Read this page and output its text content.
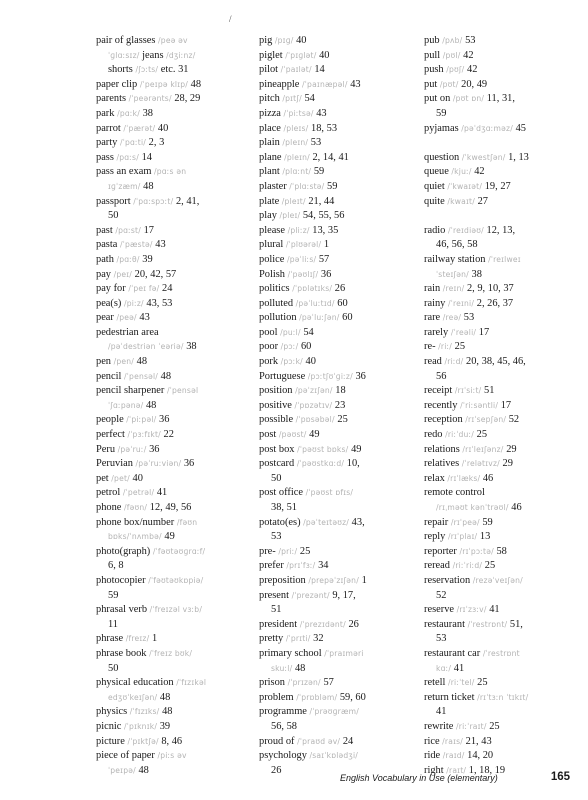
/
pair of glasses /peə əv
ˈɡlɑːsɪz/ jeans /dʒiːnz/
shorts /ʃɔːts/ etc. 31
paper clip /ˈpeɪpə klɪp/ 48
parents /ˈpeərənts/ 28, 29
park /pɑːk/ 38
parrot /ˈpærət/ 40
party /ˈpɑːti/ 2, 3
pass /pɑːs/ 14
pass an exam /pɑːs ən
ɪɡˈzæm/ 48
passport /ˈpɑːspɔːt/ 2, 41,
50
past /pɑːst/ 17
pasta /ˈpæstə/ 43
path /pɑːθ/ 39
pay /peɪ/ 20, 42, 57
pay for /ˈpeɪ fə/ 24
pea(s) /piːz/ 43, 53
pear /peə/ 43
pedestrian area
/pəˈdestriən ˈeəriə/ 38
pen /pen/ 48
pencil /ˈpensəl/ 48
pencil sharpener /ˈpensəl
ˈʃɑːpənə/ 48
people /ˈpiːpəl/ 36
perfect /ˈpɜːfɪkt/ 22
Peru /pəˈruː/ 36
Peruvian /pəˈruːviən/ 36
pet /pet/ 40
petrol /ˈpetrəl/ 41
phone /fəʊn/ 12, 49, 56
phone box/number /fəʊn
bɒks/ˈnʌmbə/ 49
photo(graph) /ˈfəʊtəʊɡrɑːf/
6, 8
photocopier /ˈfəʊtəʊkɒpiə/
59
phrasal verb /ˈfreɪzəl vɜːb/
11
phrase /freɪz/ 1
phrase book /ˈfreɪz bʊk/
50
physical education /ˈfɪzɪkəl
edʒʊˈkeɪʃən/ 48
physics /ˈfɪzɪks/ 48
picnic /ˈpɪknɪk/ 39
picture /ˈpɪktʃə/ 8, 46
piece of paper /piːs əv
ˈpeɪpə/ 48
pig /pɪɡ/ 40
piglet /ˈpɪɡlət/ 40
pilot /ˈpaɪlət/ 14
pineapple /ˈpaɪnæpəl/ 43
pitch /pɪtʃ/ 54
pizza /ˈpiːtsə/ 43
place /pleɪs/ 18, 53
plain /pleɪn/ 53
plane /pleɪn/ 2, 14, 41
plant /plɑːnt/ 59
plaster /ˈplɑːstə/ 59
plate /pleɪt/ 21, 44
play /pleɪ/ 54, 55, 56
please /pliːz/ 13, 35
plural /ˈplʊərəl/ 1
police /pəˈliːs/ 57
Polish /ˈpəʊlɪʃ/ 36
politics /ˈpɒlətɪks/ 26
polluted /pəˈluːtɪd/ 60
pollution /pəˈluːʃən/ 60
pool /puːl/ 54
poor /pɔː/ 60
pork /pɔːk/ 40
Portuguese /pɔːtʃʊˈɡiːz/ 36
position /pəˈzɪʃən/ 18
positive /ˈpɒzətɪv/ 23
possible /ˈpɒsəbəl/ 25
post /pəʊst/ 49
post box /ˈpəʊst bɒks/ 49
postcard /ˈpəʊstkɑːd/ 10,
50
post office /ˈpəʊst ɒfɪs/
38, 51
potato(es) /pəˈteɪtəʊz/ 43,
53
pre- /priː/ 25
prefer /prɪˈfɜː/ 34
preposition /prepəˈzɪʃən/ 1
present /ˈprezənt/ 9, 17,
51
president /ˈprezɪdənt/ 26
pretty /ˈprɪti/ 32
primary school /ˈpraɪməri
skuːl/ 48
prison /ˈprɪzən/ 57
problem /ˈprɒbləm/ 59, 60
programme /ˈprəʊɡræm/
56, 58
proud of /ˈpraʊd əv/ 24
psychology /saɪˈkɒlədʒi/
26
pub /pʌb/ 53
pull /pʊl/ 42
push /pʊʃ/ 42
put /pʊt/ 20, 49
put on /pʊt ɒn/ 11, 31,
59
pyjamas /pəˈdʒɑːməz/ 45
question /ˈkwestʃən/ 1, 13
queue /kjuː/ 42
quiet /ˈkwaɪət/ 19, 27
quite /kwaɪt/ 27
radio /ˈreɪdiəʊ/ 12, 13,
46, 56, 58
railway station /ˈreɪlweɪ
ˈsteɪʃən/ 38
rain /reɪn/ 2, 9, 10, 37
rainy /ˈreɪni/ 2, 26, 37
rare /reə/ 53
rarely /ˈreəli/ 17
re- /riː/ 25
read /riːd/ 20, 38, 45, 46,
56
receipt /rɪˈsiːt/ 51
recently /ˈriːsəntli/ 17
reception /rɪˈsepʃən/ 52
redo /riːˈduː/ 25
relations /rɪˈleɪʃənz/ 29
relatives /ˈrelətɪvz/ 29
relax /rɪˈlæks/ 46
remote control
/rɪˌməʊt kənˈtrəʊl/ 46
repair /rɪˈpeə/ 59
reply /rɪˈplaɪ/ 13
reporter /rɪˈpɔːtə/ 58
reread /riːˈriːd/ 25
reservation /rezəˈveɪʃən/
52
reserve /rɪˈzɜːv/ 41
restaurant /ˈrestrɒnt/ 51,
53
restaurant car /ˈrestrɒnt
kɑː/ 41
retell /riːˈtel/ 25
return ticket /rɪˈtɜːn ˈtɪkɪt/
41
rewrite /riːˈraɪt/ 25
rice /raɪs/ 21, 43
ride /raɪd/ 14, 20
right /raɪt/ 1, 18, 19
English Vocabulary in Use (elementary)	165
